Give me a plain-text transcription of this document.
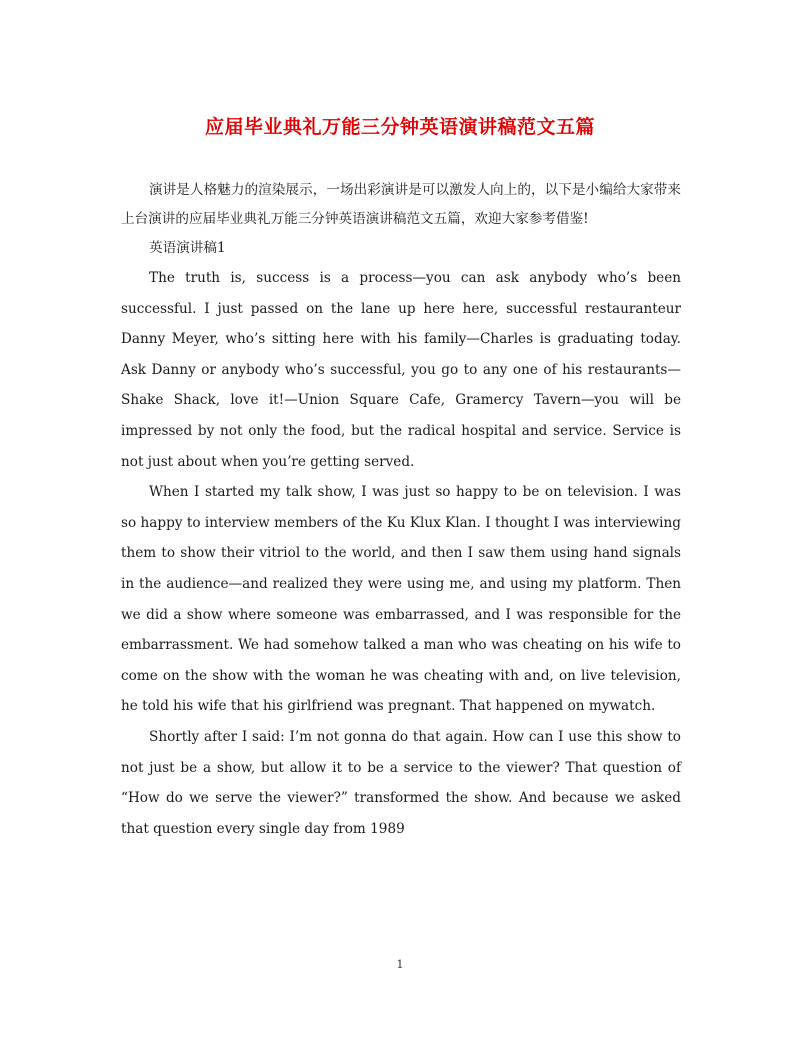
应届毕业典礼万能三分钟英语演讲稿范文五篇

演讲是人格魅力的渲染展示，一场出彩演讲是可以激发人向上的，以下是小编给大家带来上台演讲的应届毕业典礼万能三分钟英语演讲稿范文五篇，欢迎大家参考借鉴!

英语演讲稿1

The truth is, success is a process—you can ask anybody who’s been successful. I just passed on the lane up here here, successful restauranteur Danny Meyer, who’s sitting here with his family—Charles is graduating today. Ask Danny or anybody who’s successful, you go to any one of his restaurants—Shake Shack, love it!—Union Square Cafe, Gramercy Tavern—you will be impressed by not only the food, but the radical hospital and service. Service is not just about when you’re getting served.

When I started my talk show, I was just so happy to be on television. I was so happy to interview members of the Ku Klux Klan. I thought I was interviewing them to show their vitriol to the world, and then I saw them using hand signals in the audience—and realized they were using me, and using my platform. Then we did a show where someone was embarrassed, and I was responsible for the embarrassment. We had somehow talked a man who was cheating on his wife to come on the show with the woman he was cheating with and, on live television, he told his wife that his girlfriend was pregnant. That happened on mywatch.

Shortly after I said: I’m not gonna do that again. How can I use this show to not just be a show, but allow it to be a service to the viewer? That question of “How do we serve the viewer?” transformed the show. And because we asked that question every single day from 1989

1
